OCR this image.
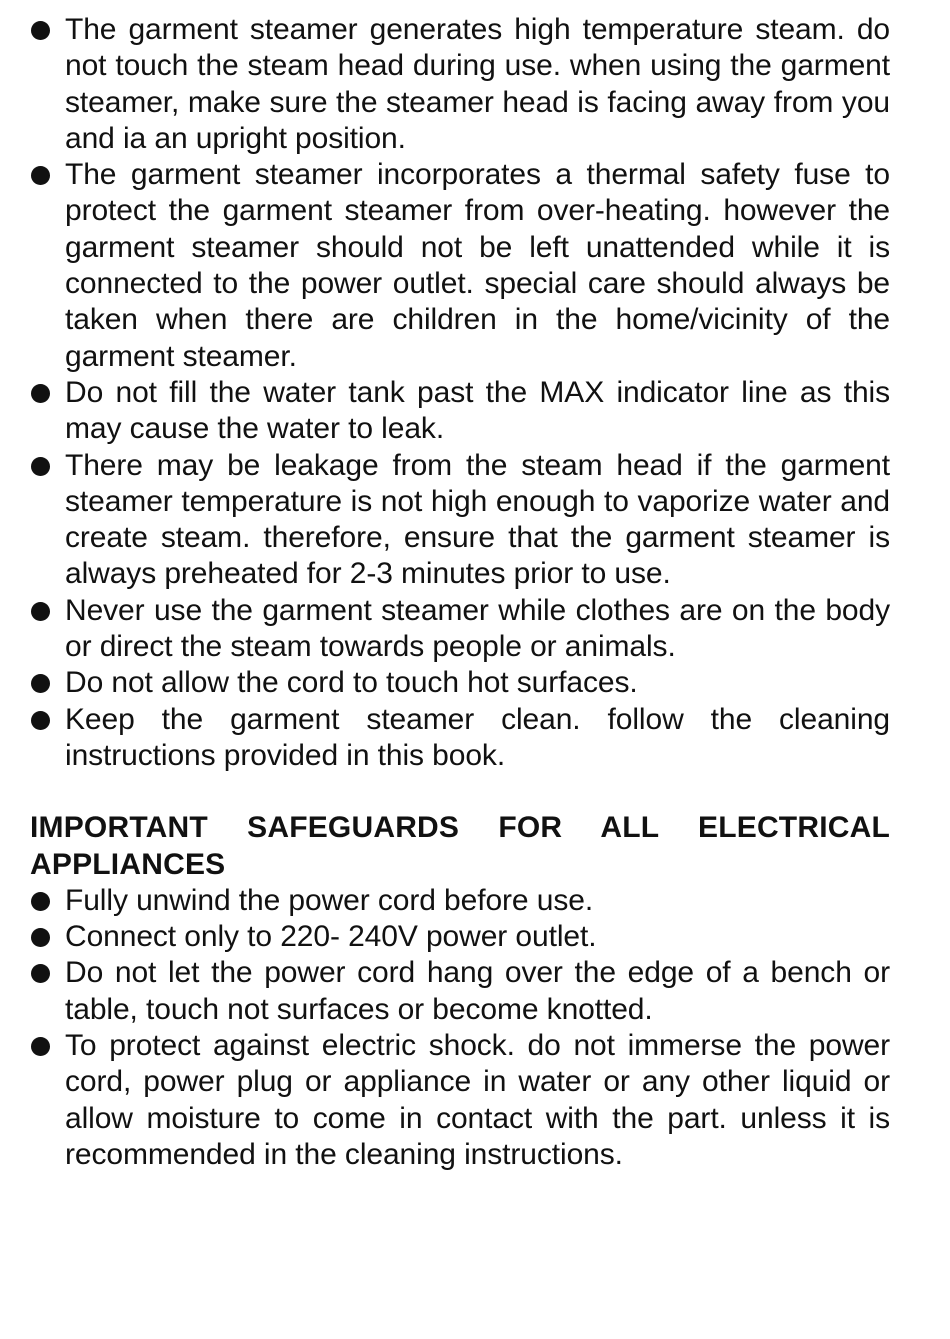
The garment steamer generates high temperature steam. do not touch the steam head during use. when using the garment steamer, make sure the steamer head is facing away from you and ia an upright position.
The garment steamer incorporates a thermal safety fuse to protect the garment steamer from over-heating. however the garment steamer should not be left unattended while it is connected to the power outlet. special care should always be taken when there are children in the home/vicinity of the garment steamer.
Do not fill the water tank past the MAX indicator line as this may cause the water to leak.
There may be leakage from the steam head if the garment steamer temperature is not high enough to vaporize water and create steam. therefore, ensure that the garment steamer is always preheated for 2-3 minutes prior to use.
Never use the garment steamer while clothes are on the body or direct the steam towards people or animals.
Do not allow the cord to touch hot surfaces.
Keep the garment steamer clean. follow the cleaning instructions provided in this book.
IMPORTANT SAFEGUARDS FOR ALL ELECTRICAL
APPLIANCES
Fully unwind the power cord before use.
Connect only to 220- 240V power outlet.
Do not let the power cord hang over the edge of a bench or table, touch not surfaces or become knotted.
To protect against electric shock. do not immerse the power cord, power plug or appliance in water or any other liquid or allow moisture to come in contact with the part. unless it is recommended in the cleaning instructions.
